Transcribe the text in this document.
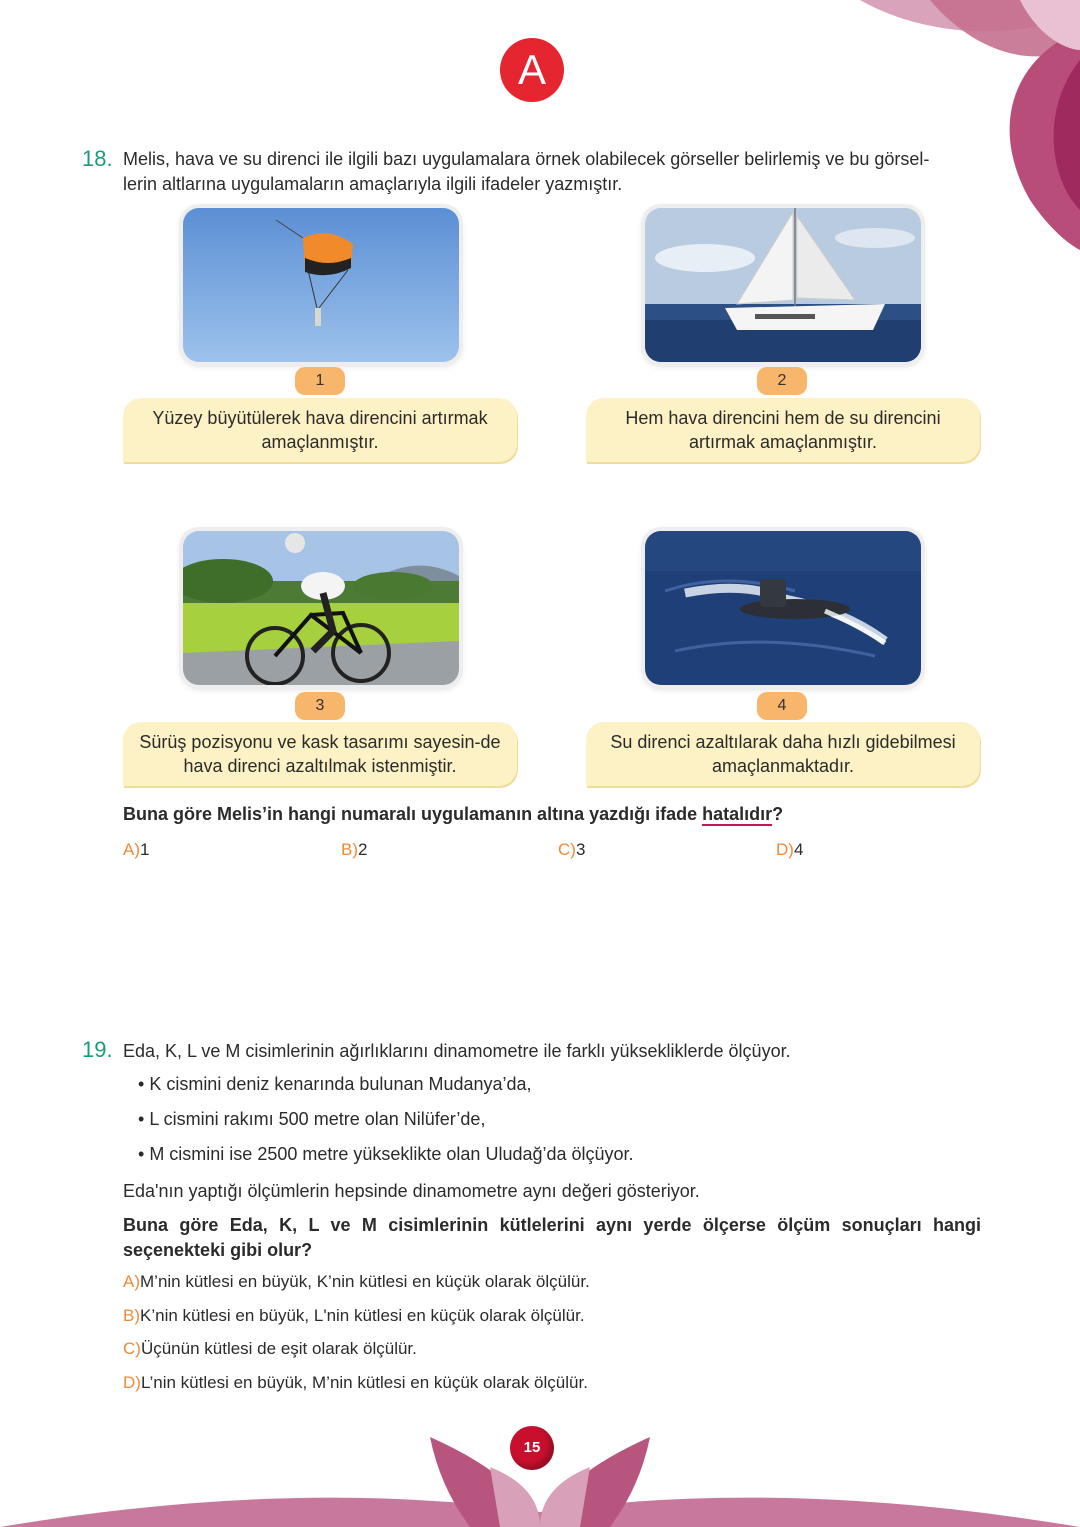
A
18. Melis, hava ve su direnci ile ilgili bazı uygulamalara örnek olabilecek görseller belirlemiş ve bu görsel-
lerin altlarına uygulamaların amaçlarıyla ilgili ifadeler yazmıştır.
1
Yüzey büyütülerek hava direncini artırmak amaçlanmıştır.
2
Hem hava direncini hem de su direncini artırmak amaçlanmıştır.
3
Sürüş pozisyonu ve kask tasarımı sayesin-de hava direnci azaltılmak istenmiştir.
4
Su direnci azaltılarak daha hızlı gidebilmesi amaçlanmaktadır.
Buna göre Melis’in hangi numaralı uygulamanın altına yazdığı ifade hatalıdır?
A)1	B)2	C)3	D)4
19. Eda, K, L ve M cisimlerinin ağırlıklarını dinamometre ile farklı yüksekliklerde ölçüyor.
• K cismini deniz kenarında bulunan Mudanya’da,
• L cismini rakımı 500 metre olan Nilüfer’de,
• M cismini ise 2500 metre yükseklikte olan Uludağ’da ölçüyor.
Eda'nın yaptığı ölçümlerin hepsinde dinamometre aynı değeri gösteriyor.
Buna göre Eda, K, L ve M cisimlerinin kütlelerini aynı yerde ölçerse ölçüm sonuçları hangi
seçenekteki gibi olur?
A)M’nin kütlesi en büyük, K’nin kütlesi en küçük olarak ölçülür.
B)K’nin kütlesi en büyük, L'nin kütlesi en küçük olarak ölçülür.
C)Üçünün kütlesi de eşit olarak ölçülür.
D)L’nin kütlesi en büyük, M’nin kütlesi en küçük olarak ölçülür.
15
